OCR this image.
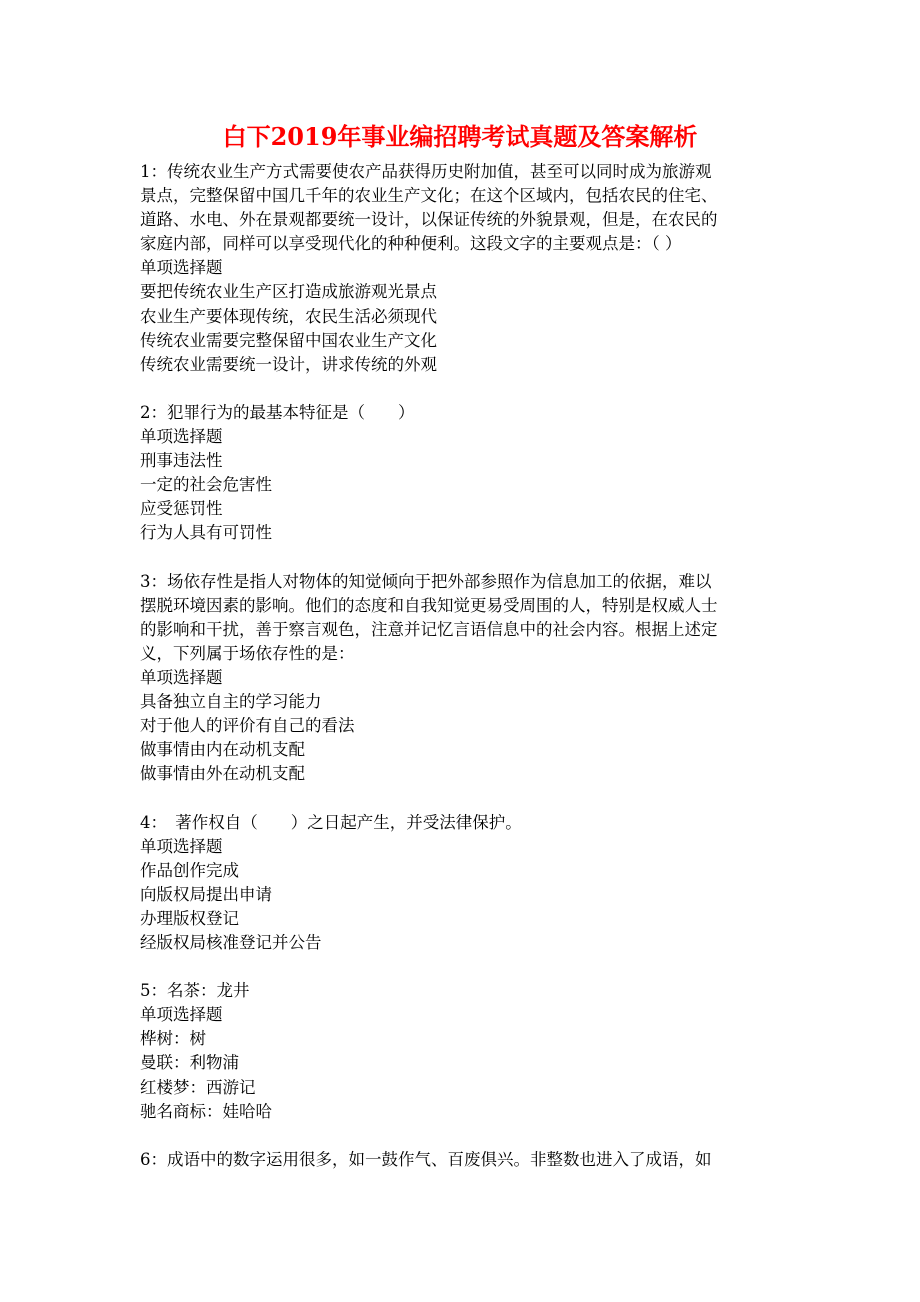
白下2019年事业编招聘考试真题及答案解析
1：传统农业生产方式需要使农产品获得历史附加值，甚至可以同时成为旅游观
景点，完整保留中国几千年的农业生产文化；在这个区域内，包括农民的住宅、
道路、水电、外在景观都要统一设计，以保证传统的外貌景观，但是，在农民的
家庭内部，同样可以享受现代化的种种便利。这段文字的主要观点是：（ ）
单项选择题
要把传统农业生产区打造成旅游观光景点
农业生产要体现传统，农民生活必须现代
传统农业需要完整保留中国农业生产文化
传统农业需要统一设计，讲求传统的外观
2：犯罪行为的最基本特征是（　　）
单项选择题
刑事违法性
一定的社会危害性
应受惩罚性
行为人具有可罚性
3：场依存性是指人对物体的知觉倾向于把外部参照作为信息加工的依据，难以
摆脱环境因素的影响。他们的态度和自我知觉更易受周围的人，特别是权威人士
的影响和干扰，善于察言观色，注意并记忆言语信息中的社会内容。根据上述定
义，下列属于场依存性的是：
单项选择题
具备独立自主的学习能力
对于他人的评价有自己的看法
做事情由内在动机支配
做事情由外在动机支配
4：　著作权自（　　）之日起产生，并受法律保护。
单项选择题
作品创作完成
向版权局提出申请
办理版权登记
经版权局核准登记并公告
5：名茶：龙井
单项选择题
桦树：树
曼联：利物浦
红楼梦：西游记
驰名商标：娃哈哈
6：成语中的数字运用很多，如一鼓作气、百废俱兴。非整数也进入了成语，如
